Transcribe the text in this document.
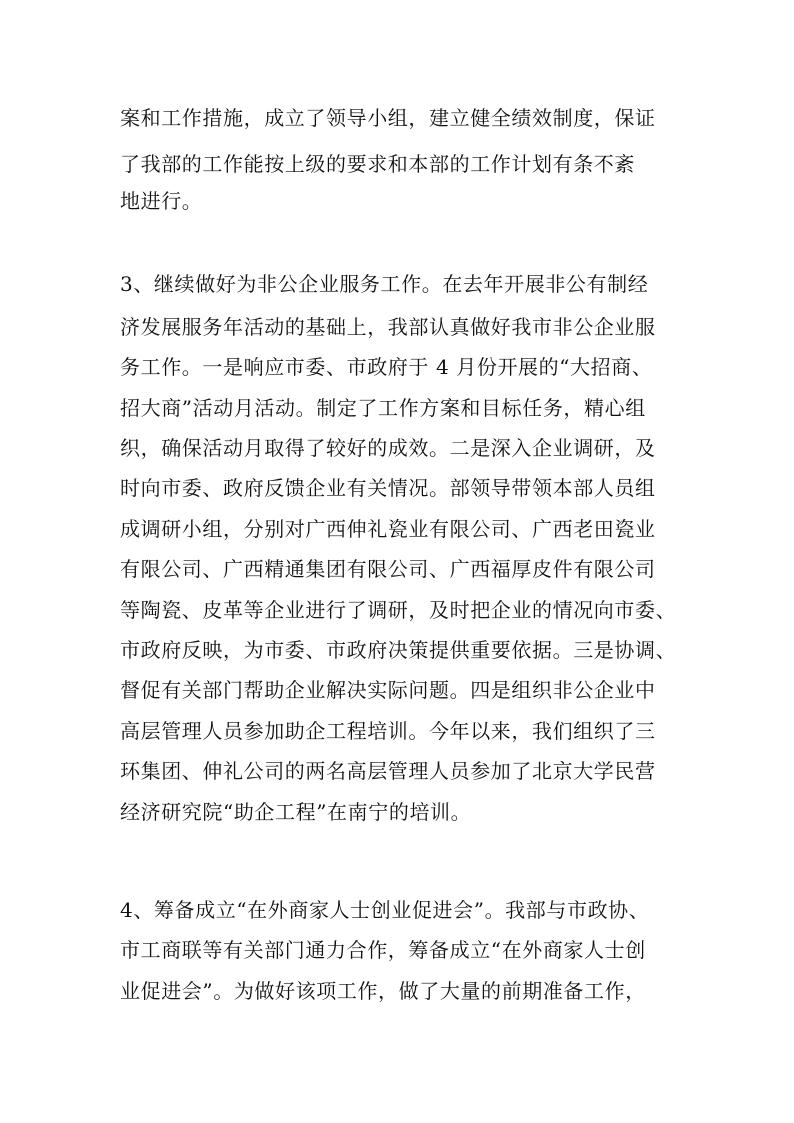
案和工作措施，成立了领导小组，建立健全绩效制度，保证
了我部的工作能按上级的要求和本部的工作计划有条不紊
地进行。
3、继续做好为非公企业服务工作。在去年开展非公有制经
济发展服务年活动的基础上，我部认真做好我市非公企业服
务工作。一是响应市委、市政府于 4 月份开展的“大招商、
招大商”活动月活动。制定了工作方案和目标任务，精心组
织，确保活动月取得了较好的成效。二是深入企业调研，及
时向市委、政府反馈企业有关情况。部领导带领本部人员组
成调研小组，分别对广西伸礼瓷业有限公司、广西老田瓷业
有限公司、广西精通集团有限公司、广西福厚皮件有限公司
等陶瓷、皮革等企业进行了调研，及时把企业的情况向市委、
市政府反映，为市委、市政府决策提供重要依据。三是协调、
督促有关部门帮助企业解决实际问题。四是组织非公企业中
高层管理人员参加助企工程培训。今年以来，我们组织了三
环集团、伸礼公司的两名高层管理人员参加了北京大学民营
经济研究院“助企工程”在南宁的培训。
4、筹备成立“在外商家人士创业促进会”。我部与市政协、
市工商联等有关部门通力合作，筹备成立“在外商家人士创
业促进会”。为做好该项工作，做了大量的前期准备工作，
